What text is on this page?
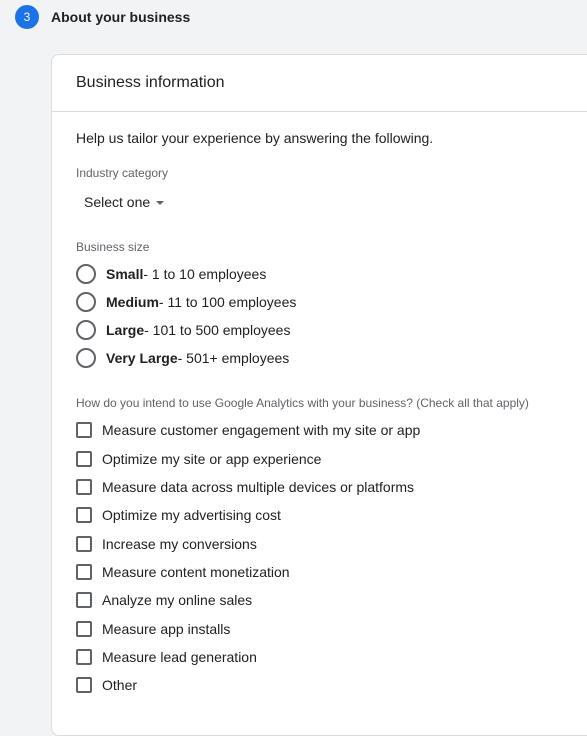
3	About your business
Business information
Help us tailor your experience by answering the following.
Industry category
Select one
Business size
Small - 1 to 10 employees
Medium - 11 to 100 employees
Large - 101 to 500 employees
Very Large - 501+ employees
How do you intend to use Google Analytics with your business? (Check all that apply)
Measure customer engagement with my site or app
Optimize my site or app experience
Measure data across multiple devices or platforms
Optimize my advertising cost
Increase my conversions
Measure content monetization
Analyze my online sales
Measure app installs
Measure lead generation
Other
